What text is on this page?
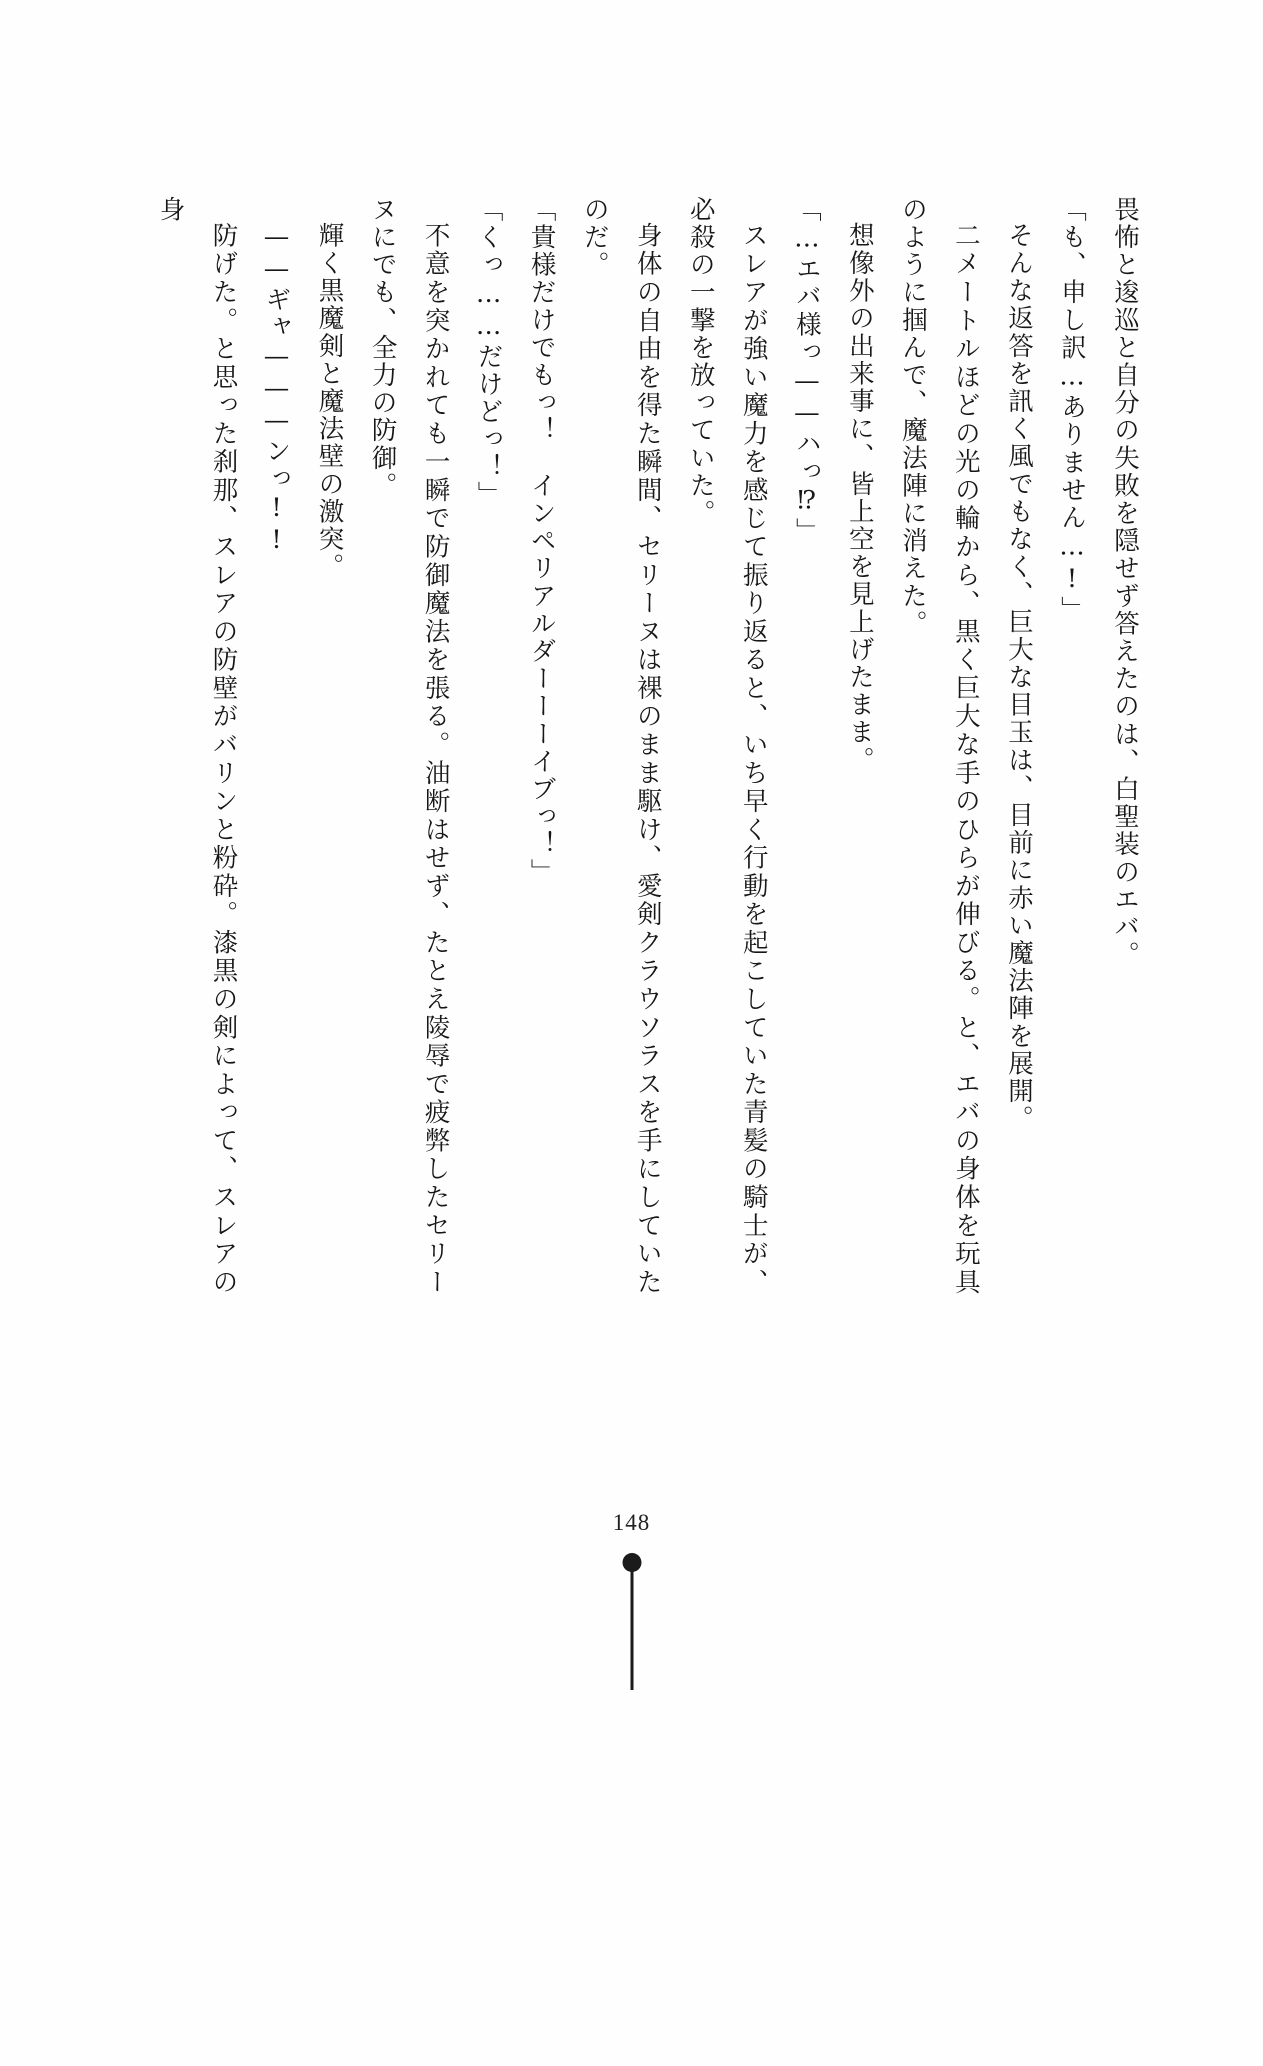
畏怖と逡巡と自分の失敗を隠せず答えたのは、白聖装のエバ。

「も、申し訳…ありません…!」

そんな返答を訊く風でもなく、巨大な目玉は、目前に赤い魔法陣を展開。

二メートルほどの光の輪から、黒く巨大な手のひらが伸びる。と、エバの身体を玩具のように掴んで、魔法陣に消えた。

想像外の出来事に、皆上空を見上げたまま。

「…エバ様っ——ハっ⁉」

スレアが強い魔力を感じて振り返ると、いち早く行動を起こしていた青髪の騎士が、必殺の一撃を放っていた。

身体の自由を得た瞬間、セリーヌは裸のまま駆け、愛剣クラウソラスを手にしていたのだ。

「貴様だけでもっ！　インペリアルダーーーイブっ！」

「くっ……だけどっ！」

不意を突かれても一瞬で防御魔法を張る。油断はせず、たとえ陵辱で疲弊したセリーヌにでも、全力の防御。

輝く黒魔剣と魔法壁の激突。

——ギャ———ンっ!!

防げた。と思った刹那、スレアの防壁がバリンと粉砕。漆黒の剣によって、スレアの身

148
